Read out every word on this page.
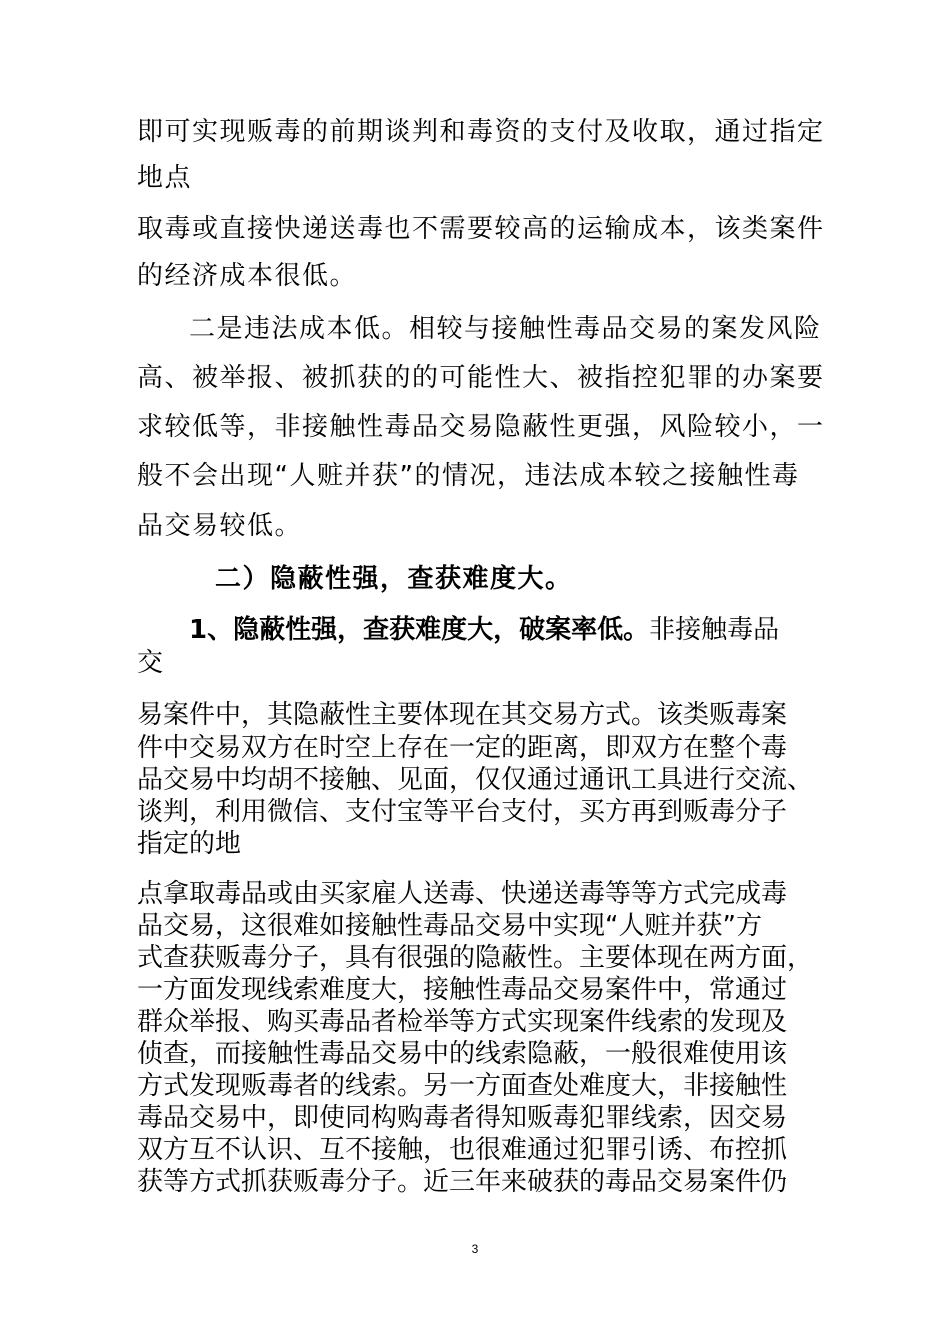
即可实现贩毒的前期谈判和毒资的支付及收取，通过指定
地点
取毒或直接快递送毒也不需要较高的运输成本，该类案件
的经济成本很低。
二是违法成本低。相较与接触性毒品交易的案发风险
高、被举报、被抓获的的可能性大、被指控犯罪的办案要
求较低等，非接触性毒品交易隐蔽性更强，风险较小，一
般不会出现“人赃并获”的情况，违法成本较之接触性毒
品交易较低。
二）隐蔽性强，查获难度大。
1、隐蔽性强，查获难度大，破案率低。非接触毒品
交
易案件中，其隐蔽性主要体现在其交易方式。该类贩毒案
件中交易双方在时空上存在一定的距离，即双方在整个毒
品交易中均胡不接触、见面，仅仅通过通讯工具进行交流、
谈判，利用微信、支付宝等平台支付，买方再到贩毒分子
指定的地
点拿取毒品或由买家雇人送毒、快递送毒等等方式完成毒
品交易，这很难如接触性毒品交易中实现“人赃并获”方
式查获贩毒分子，具有很强的隐蔽性。主要体现在两方面，
一方面发现线索难度大，接触性毒品交易案件中，常通过
群众举报、购买毒品者检举等方式实现案件线索的发现及
侦查，而接触性毒品交易中的线索隐蔽，一般很难使用该
方式发现贩毒者的线索。另一方面查处难度大，非接触性
毒品交易中，即使同构购毒者得知贩毒犯罪线索，因交易
双方互不认识、互不接触，也很难通过犯罪引诱、布控抓
获等方式抓获贩毒分子。近三年来破获的毒品交易案件仍
3
